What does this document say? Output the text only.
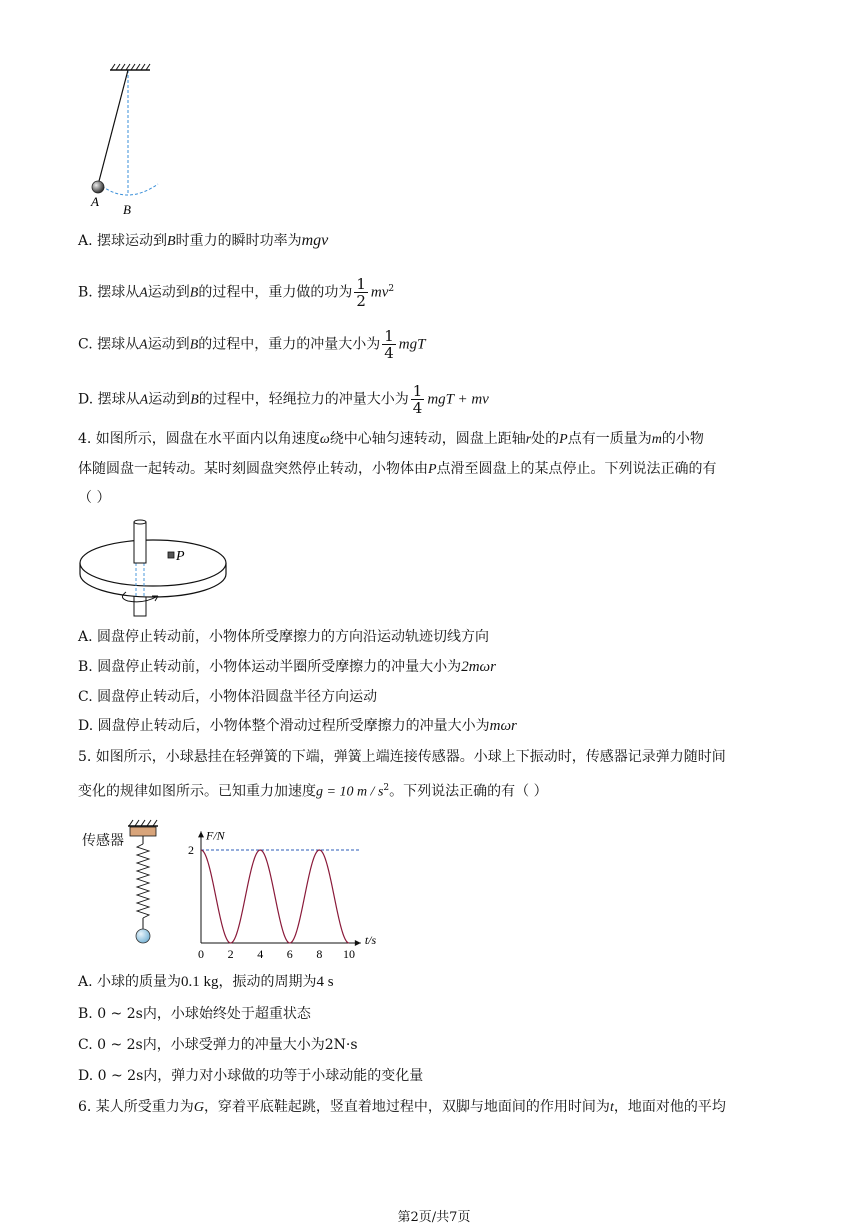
A
B
A. 摆球运动到B时重力的瞬时功率为mgv
B. 摆球从A运动到B的过程中，重力做的功为 $\frac{1}{2} mv^2$
C. 摆球从A运动到B的过程中，重力的冲量大小为 $\frac{1}{4}$ mgT
D. 摆球从A运动到B的过程中，轻绳拉力的冲量大小为 $\frac{1}{4}$ mgT + mv
4. 如图所示，圆盘在水平面内以角速度ω绕中心轴匀速转动，圆盘上距轴r处的P点有一质量为m的小物
体随圆盘一起转动。某时刻圆盘突然停止转动，小物体由P点滑至圆盘上的某点停止。下列说法正确的有
（ ）
P
A. 圆盘停止转动前，小物体所受摩擦力的方向沿运动轨迹切线方向
B. 圆盘停止转动前，小物体运动半圈所受摩擦力的冲量大小为2mωr
C. 圆盘停止转动后，小物体沿圆盘半径方向运动
D. 圆盘停止转动后，小物体整个滑动过程所受摩擦力的冲量大小为mωr
5. 如图所示，小球悬挂在轻弹簧的下端，弹簧上端连接传感器。小球上下振动时，传感器记录弹力随时间
变化的规律如图所示。已知重力加速度g = 10 m / $s^2$。下列说法正确的有（ ）
传感器	F/N
t/s
2
0 2 4 6 8 10
A. 小球的质量为0.1 kg，振动的周期为4 s
B. 0 ~ 2s内，小球始终处于超重状态
C. 0 ~ 2s内，小球受弹力的冲量大小为2N·s
D. 0 ~ 2s内，弹力对小球做的功等于小球动能的变化量
6. 某人所受重力为G，穿着平底鞋起跳，竖直着地过程中，双脚与地面间的作用时间为t，地面对他的平均
第2页/共7页
